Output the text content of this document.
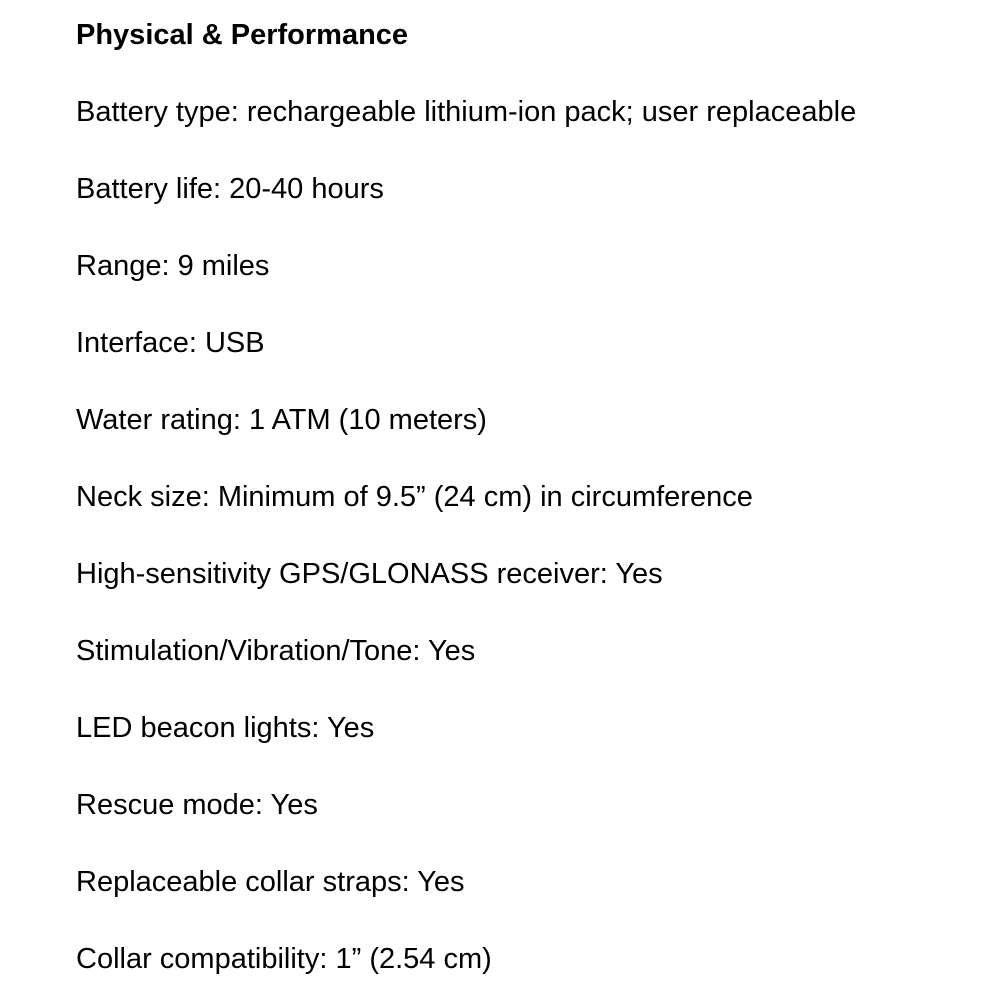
Physical & Performance
Battery type: rechargeable lithium-ion pack; user replaceable
Battery life: 20-40 hours
Range: 9 miles
Interface: USB
Water rating: 1 ATM (10 meters)
Neck size: Minimum of 9.5” (24 cm) in circumference
High-sensitivity GPS/GLONASS receiver: Yes
Stimulation/Vibration/Tone: Yes
LED beacon lights: Yes
Rescue mode: Yes
Replaceable collar straps: Yes
Collar compatibility: 1” (2.54 cm)
